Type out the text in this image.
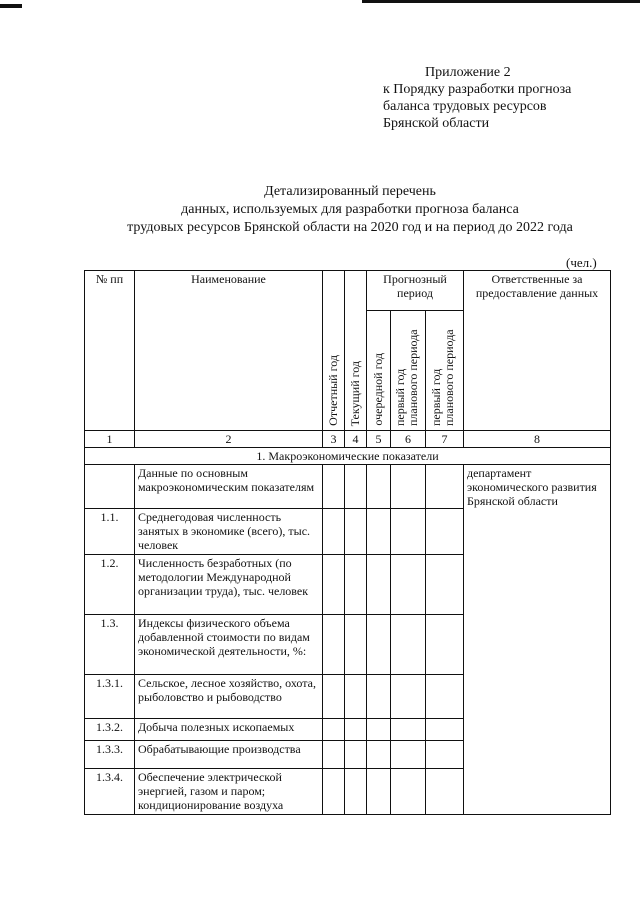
Приложение 2
к Порядку разработки прогноза
баланса трудовых ресурсов
Брянской области
Детализированный перечень
данных, используемых для разработки прогноза баланса
трудовых ресурсов Брянской области на 2020 год и на период до 2022 года
(чел.)
№ пп	Наименование	Отчетный год	Текущий год	Прогнозный период			Ответственные за предоставление данных

				очередной год	первый год планового периода	первый год планового периода	

1	2	3	4	5	6	7	8
1. Макроэкономические показатели							
	Данные по основным макроэкономическим показателям						департамент экономического развития Брянской области
1.1.	Среднегодовая численность занятых в экономике (всего), тыс. человек						
1.2.	Численность безработных (по методологии Международной организации труда), тыс. человек						
1.3.	Индексы физического объема добавленной стоимости по видам экономической деятельности, %:						
1.3.1.	Сельское, лесное хозяйство, охота, рыболовство и рыбоводство						
1.3.2.	Добыча полезных ископаемых						
1.3.3.	Обрабатывающие производства						
1.3.4.	Обеспечение электрической энергией, газом и паром; кондиционирование воздуха						
